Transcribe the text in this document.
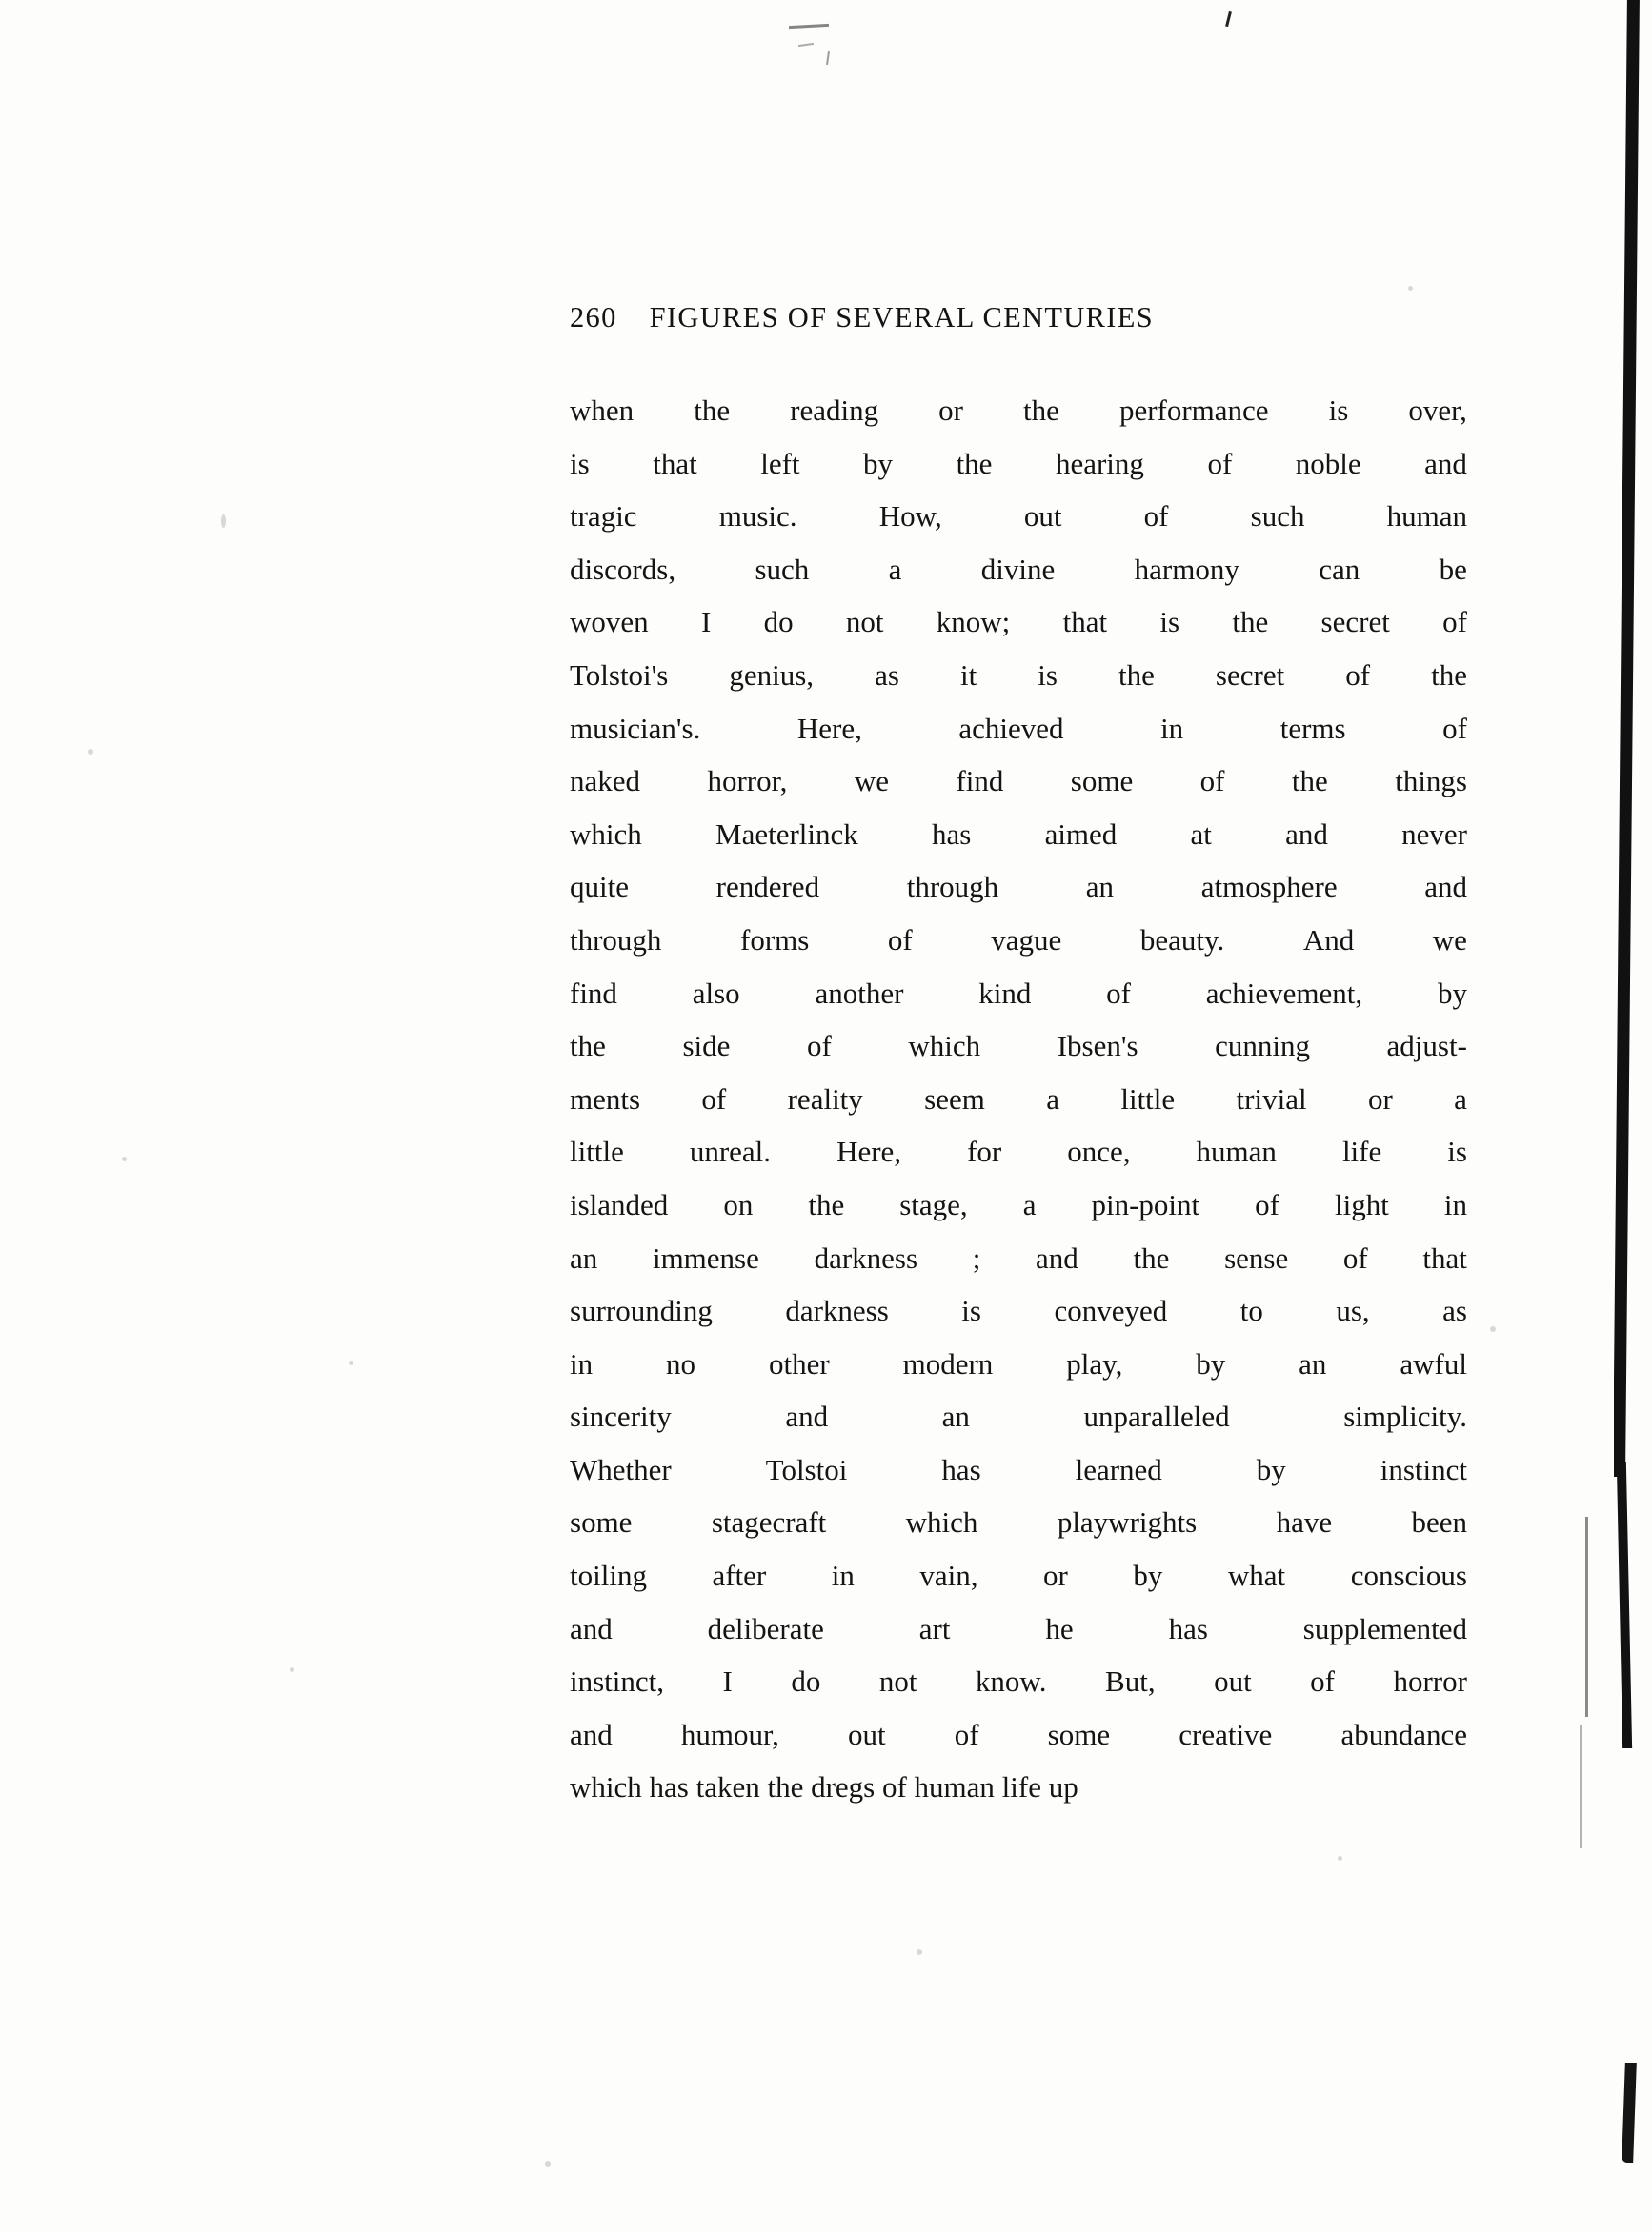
260 FIGURES OF SEVERAL CENTURIES
when the reading or the performance is over,
is that left by the hearing of noble and
tragic	music.	How,	out	of	such	human
discords,	such	a	divine	harmony	can	be
woven I do not know; that is the secret of
Tolstoi's genius, as it is the secret of the
musician's.	Here,	achieved	in	terms	of
naked horror, we find some of the things
which Maeterlinck has aimed at and never
quite	rendered	through	an	atmosphere	and
through	forms	of	vague	beauty.	And	we
find	also	another	kind	of	achievement,	by
the	side	of	which	Ibsen's	cunning	adjust-
ments of reality seem a little trivial or a
little unreal. Here, for once, human life is
islanded on the stage, a pin-point of light in
an immense darkness ; and the sense of that
surrounding darkness is conveyed to us, as
in no other modern play, by an awful
sincerity	and	an	unparalleled	simplicity.
Whether	Tolstoi	has	learned	by	instinct
some	stagecraft	which	playwrights	have	been
toiling after in vain, or by what conscious
and	deliberate	art	he	has	supplemented
instinct, I do not know. But, out of horror
and humour, out of some creative abundance
which has taken the dregs of human life up
